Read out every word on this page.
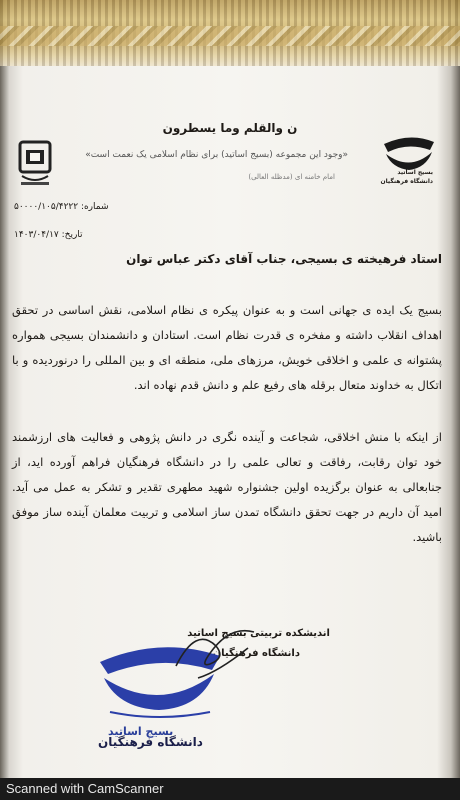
بسیج اساتید
دانشگاه فرهنگیان
ن والقلم وما یسطرون
«وجود این مجموعه (بسیج اساتید) برای نظام اسلامی یک نعمت است»
امام خامنه ای (مدظله العالی)
شماره: ۵۰۰۰۰/۱۰۵/۴۲۲۲
تاریخ: ۱۴۰۳/۰۴/۱۷
استاد فرهیخته ی بسیجی، جناب آقای دکتر عباس توان
بسیج یک ایده ی جهانی است و به عنوان پیکره ی نظام اسلامی، نقش اساسی در تحقق اهداف انقلاب داشته و مفخره ی قدرت نظام است. استادان و دانشمندان بسیجی همواره پشتوانه ی علمی و اخلاقی خویش، مرزهای ملی، منطقه ای و بین المللی را درنوردیده و با اتکال به خداوند متعال برقله های رفیع علم و دانش قدم نهاده اند.
از اینکه با منش اخلاقی، شجاعت و آینده نگری در دانش پژوهی و فعالیت های ارزشمند خود توان رقابت، رفاقت و تعالی علمی را در دانشگاه فرهنگیان فراهم آورده اید، از جنابعالی به عنوان برگزیده اولین جشنواره شهید مطهری تقدیر و تشکر به عمل می آید. امید آن داریم در جهت تحقق دانشگاه تمدن ساز اسلامی و تربیت معلمان آینده ساز موفق باشید.
اندیشکده تربیتی بسیج اساتید
دانشگاه فرهنگیان
بسیج اساتید
دانشگاه فرهنگیان
Scanned with CamScanner
